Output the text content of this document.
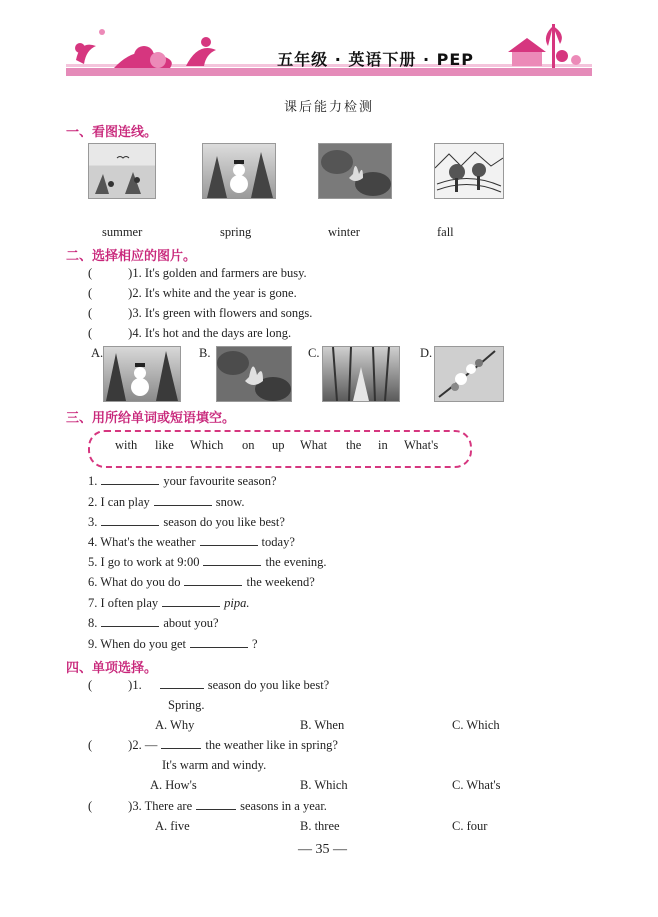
五年级 · 英语下册 · PEP
课后能力检测
一、看图连线。
summer	spring	winter	fall
二、选择相应的图片。
(	)1. It's golden and farmers are busy.
(	)2. It's white and the year is gone.
(	)3. It's green with flowers and songs.
(	)4. It's hot and the days are long.
A.	B.	C.	D.
三、用所给单词或短语填空。
with like Which on up What the in What's
1.	your favourite season?
2. I can play	snow.
3.	season do you like best?
4. What's the weather	today?
5. I go to work at 9:00	the evening.
6. What do you do	the weekend?
7. I often play	pipa.
8.	about you?
9. When do you get	?
四、单项选择。
(	)1.	season do you like best?
Spring.
A. Why	B. When	C. Which
(	)2. —	the weather like in spring?
It's warm and windy.
A. How's	B. Which	C. What's
(	)3. There are	seasons in a year.
A. five	B. three	C. four
— 35 —
